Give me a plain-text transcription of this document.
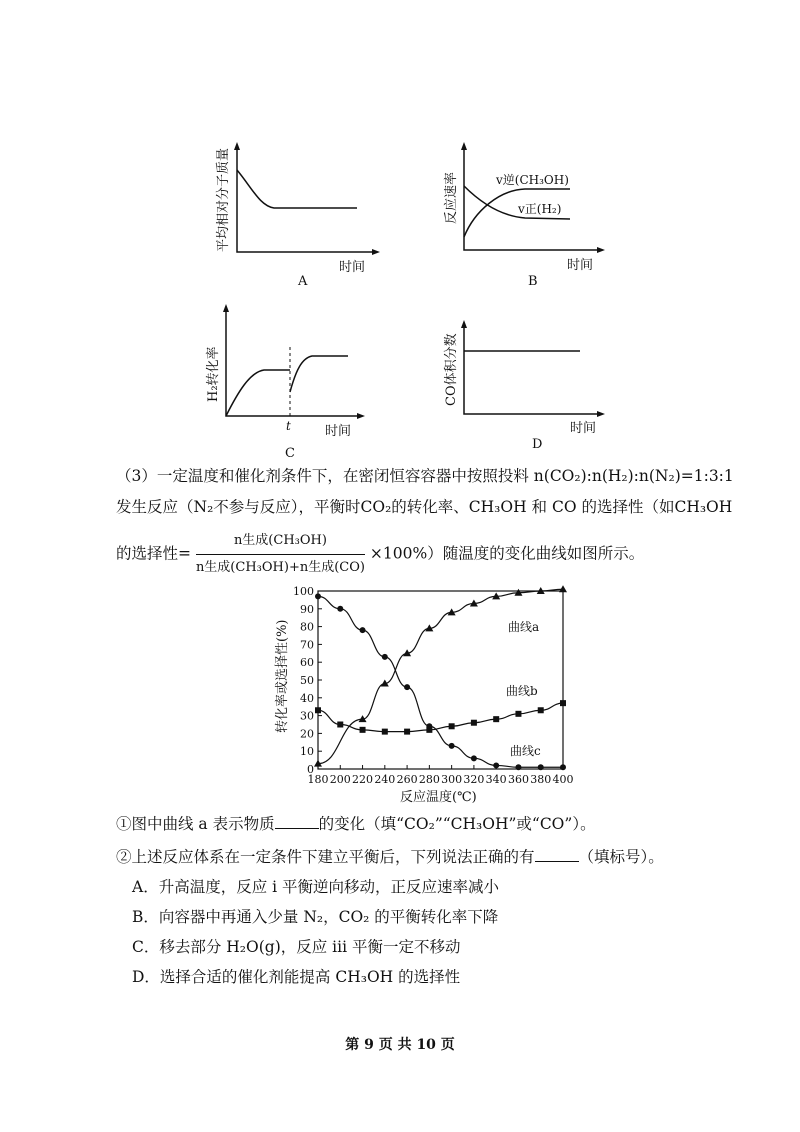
平均相对分子质量
时间
A
v逆(CH₃OH)
v正(H₂)
反应速率
时间
B
t
H₂转化率
时间
C
CO体积分数
时间
D
（3）一定温度和催化剂条件下，在密闭恒容容器中按照投料 n(CO₂):n(H₂):n(N₂)=1:3:1
发生反应（N₂不参与反应），平衡时CO₂的转化率、CH₃OH 和 CO 的选择性（如CH₃OH
的选择性= $\frac{\text{n生成(CH₃OH)}}{\text{n生成(CH₃OH)+n生成(CO)}} \times 100\%$）随温度的变化曲线如图所示。
0
10
20
30
40
50
60
70
80
90
100
180 200 220 240 260 280 300 320 340 360 380 400
转化率或选择性(%)
反应温度(℃)
曲线a
曲线b
曲线c
①图中曲线 a 表示物质	的变化（填“CO₂”“CH₃OH”或“CO”）。
②上述反应体系在一定条件下建立平衡后，下列说法正确的有	（填标号）。
A．升高温度，反应 i 平衡逆向移动，正反应速率减小
B．向容器中再通入少量 N₂，CO₂ 的平衡转化率下降
C．移去部分 H₂O(g)，反应 iii 平衡一定不移动
D．选择合适的催化剂能提高 CH₃OH 的选择性
第 9 页 共 10 页
